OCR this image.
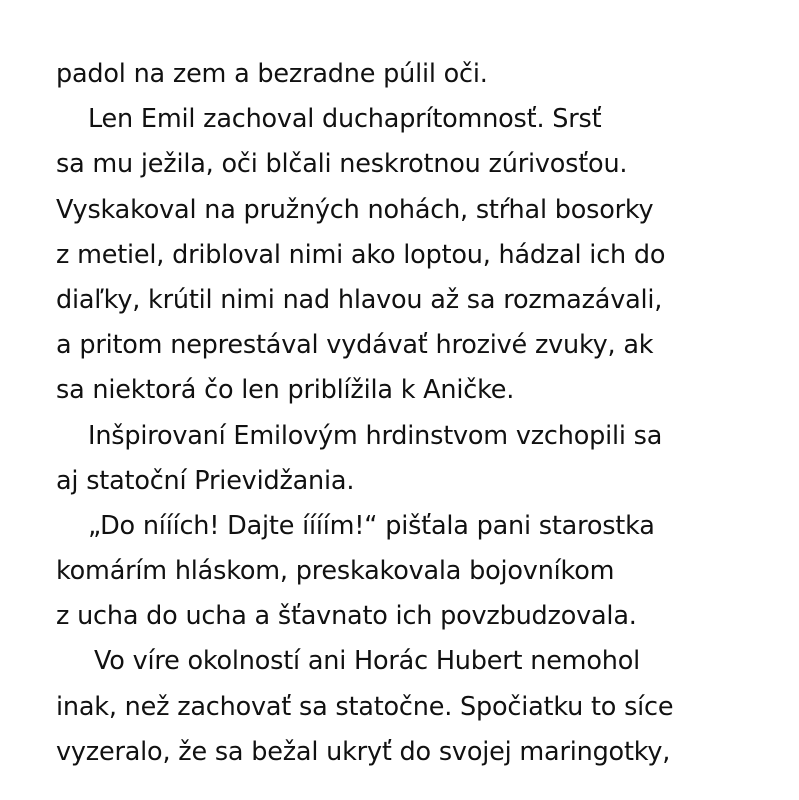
padol na zem a bezradne púlil oči.
Len Emil zachoval duchaprítomnosť. Srsť
sa mu ježila, oči blčali neskrotnou zúrivosťou.
Vyskakoval na pružných nohách, stŕhal bosorky
z metiel, dribloval nimi ako loptou, hádzal ich do
diaľky, krútil nimi nad hlavou až sa rozmazávali,
a pritom neprestával vydávať hrozivé zvuky, ak
sa niektorá čo len priblížila k Aničke.
Inšpirovaní Emilovým hrdinstvom vzchopili sa
aj statoční Prievidžania.
„Do nííích! Dajte íííím!“ pišťala pani starostka
komárím hláskom, preskakovala bojovníkom
z ucha do ucha a šťavnato ich povzbudzovala.
Vo víre okolností ani Horác Hubert nemohol
inak, než zachovať sa statočne. Spočiatku to síce
vyzeralo, že sa bežal ukryť do svojej maringotky,
